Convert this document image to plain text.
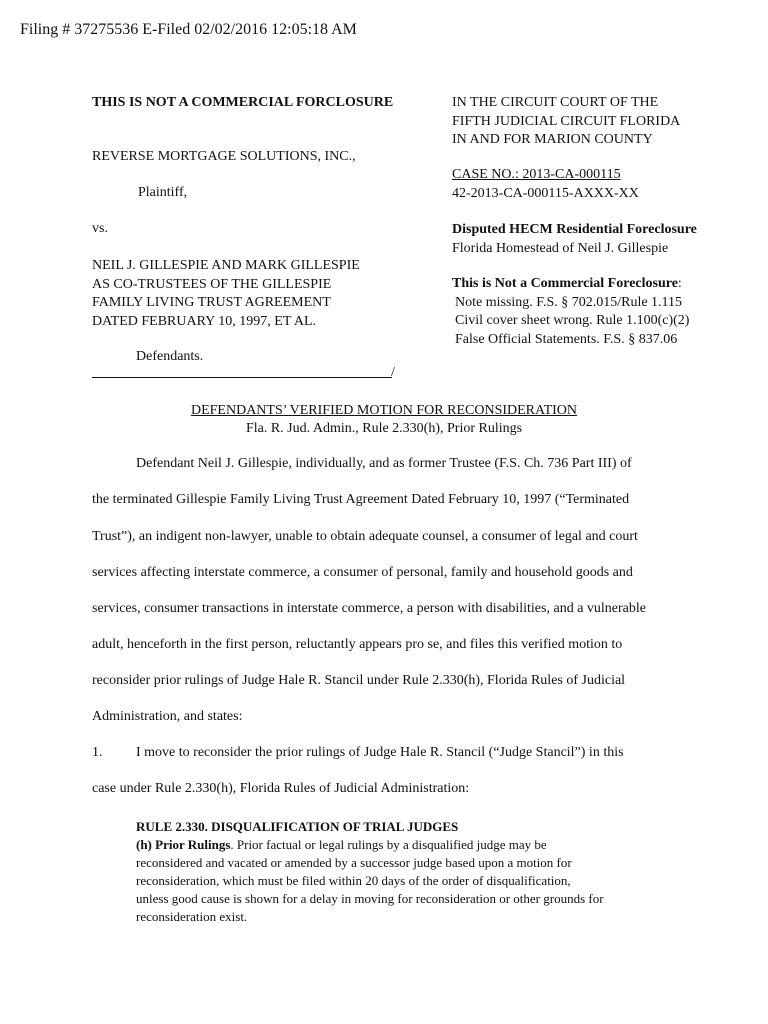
Filing # 37275536 E-Filed 02/02/2016 12:05:18 AM
THIS IS NOT A COMMERCIAL FORCLOSURE
REVERSE MORTGAGE SOLUTIONS, INC.,
Plaintiff,
vs.
NEIL J. GILLESPIE AND MARK GILLESPIE
AS CO-TRUSTEES OF THE GILLESPIE
FAMILY LIVING TRUST AGREEMENT
DATED FEBRUARY 10, 1997, ET AL.
Defendants.
/
IN THE CIRCUIT COURT OF THE
FIFTH JUDICIAL CIRCUIT FLORIDA
IN AND FOR MARION COUNTY
CASE NO.: 2013-CA-000115
42-2013-CA-000115-AXXX-XX
Disputed HECM Residential Foreclosure
Florida Homestead of Neil J. Gillespie
This is Not a Commercial Foreclosure:
Note missing. F.S. § 702.015/Rule 1.115
Civil cover sheet wrong. Rule 1.100(c)(2)
False Official Statements. F.S. § 837.06
DEFENDANTS’ VERIFIED MOTION FOR RECONSIDERATION
Fla. R. Jud. Admin., Rule 2.330(h), Prior Rulings
Defendant Neil J. Gillespie, individually, and as former Trustee (F.S. Ch. 736 Part III) of
the terminated Gillespie Family Living Trust Agreement Dated February 10, 1997 (“Terminated
Trust”), an indigent non-lawyer, unable to obtain adequate counsel, a consumer of legal and court
services affecting interstate commerce, a consumer of personal, family and household goods and
services, consumer transactions in interstate commerce, a person with disabilities, and a vulnerable
adult, henceforth in the first person, reluctantly appears pro se, and files this verified motion to
reconsider prior rulings of Judge Hale R. Stancil under Rule 2.330(h), Florida Rules of Judicial
Administration, and states:
1. I move to reconsider the prior rulings of Judge Hale R. Stancil (“Judge Stancil”) in this
case under Rule 2.330(h), Florida Rules of Judicial Administration:
RULE 2.330. DISQUALIFICATION OF TRIAL JUDGES
(h) Prior Rulings. Prior factual or legal rulings by a disqualified judge may be
reconsidered and vacated or amended by a successor judge based upon a motion for
reconsideration, which must be filed within 20 days of the order of disqualification,
unless good cause is shown for a delay in moving for reconsideration or other grounds for
reconsideration exist.
